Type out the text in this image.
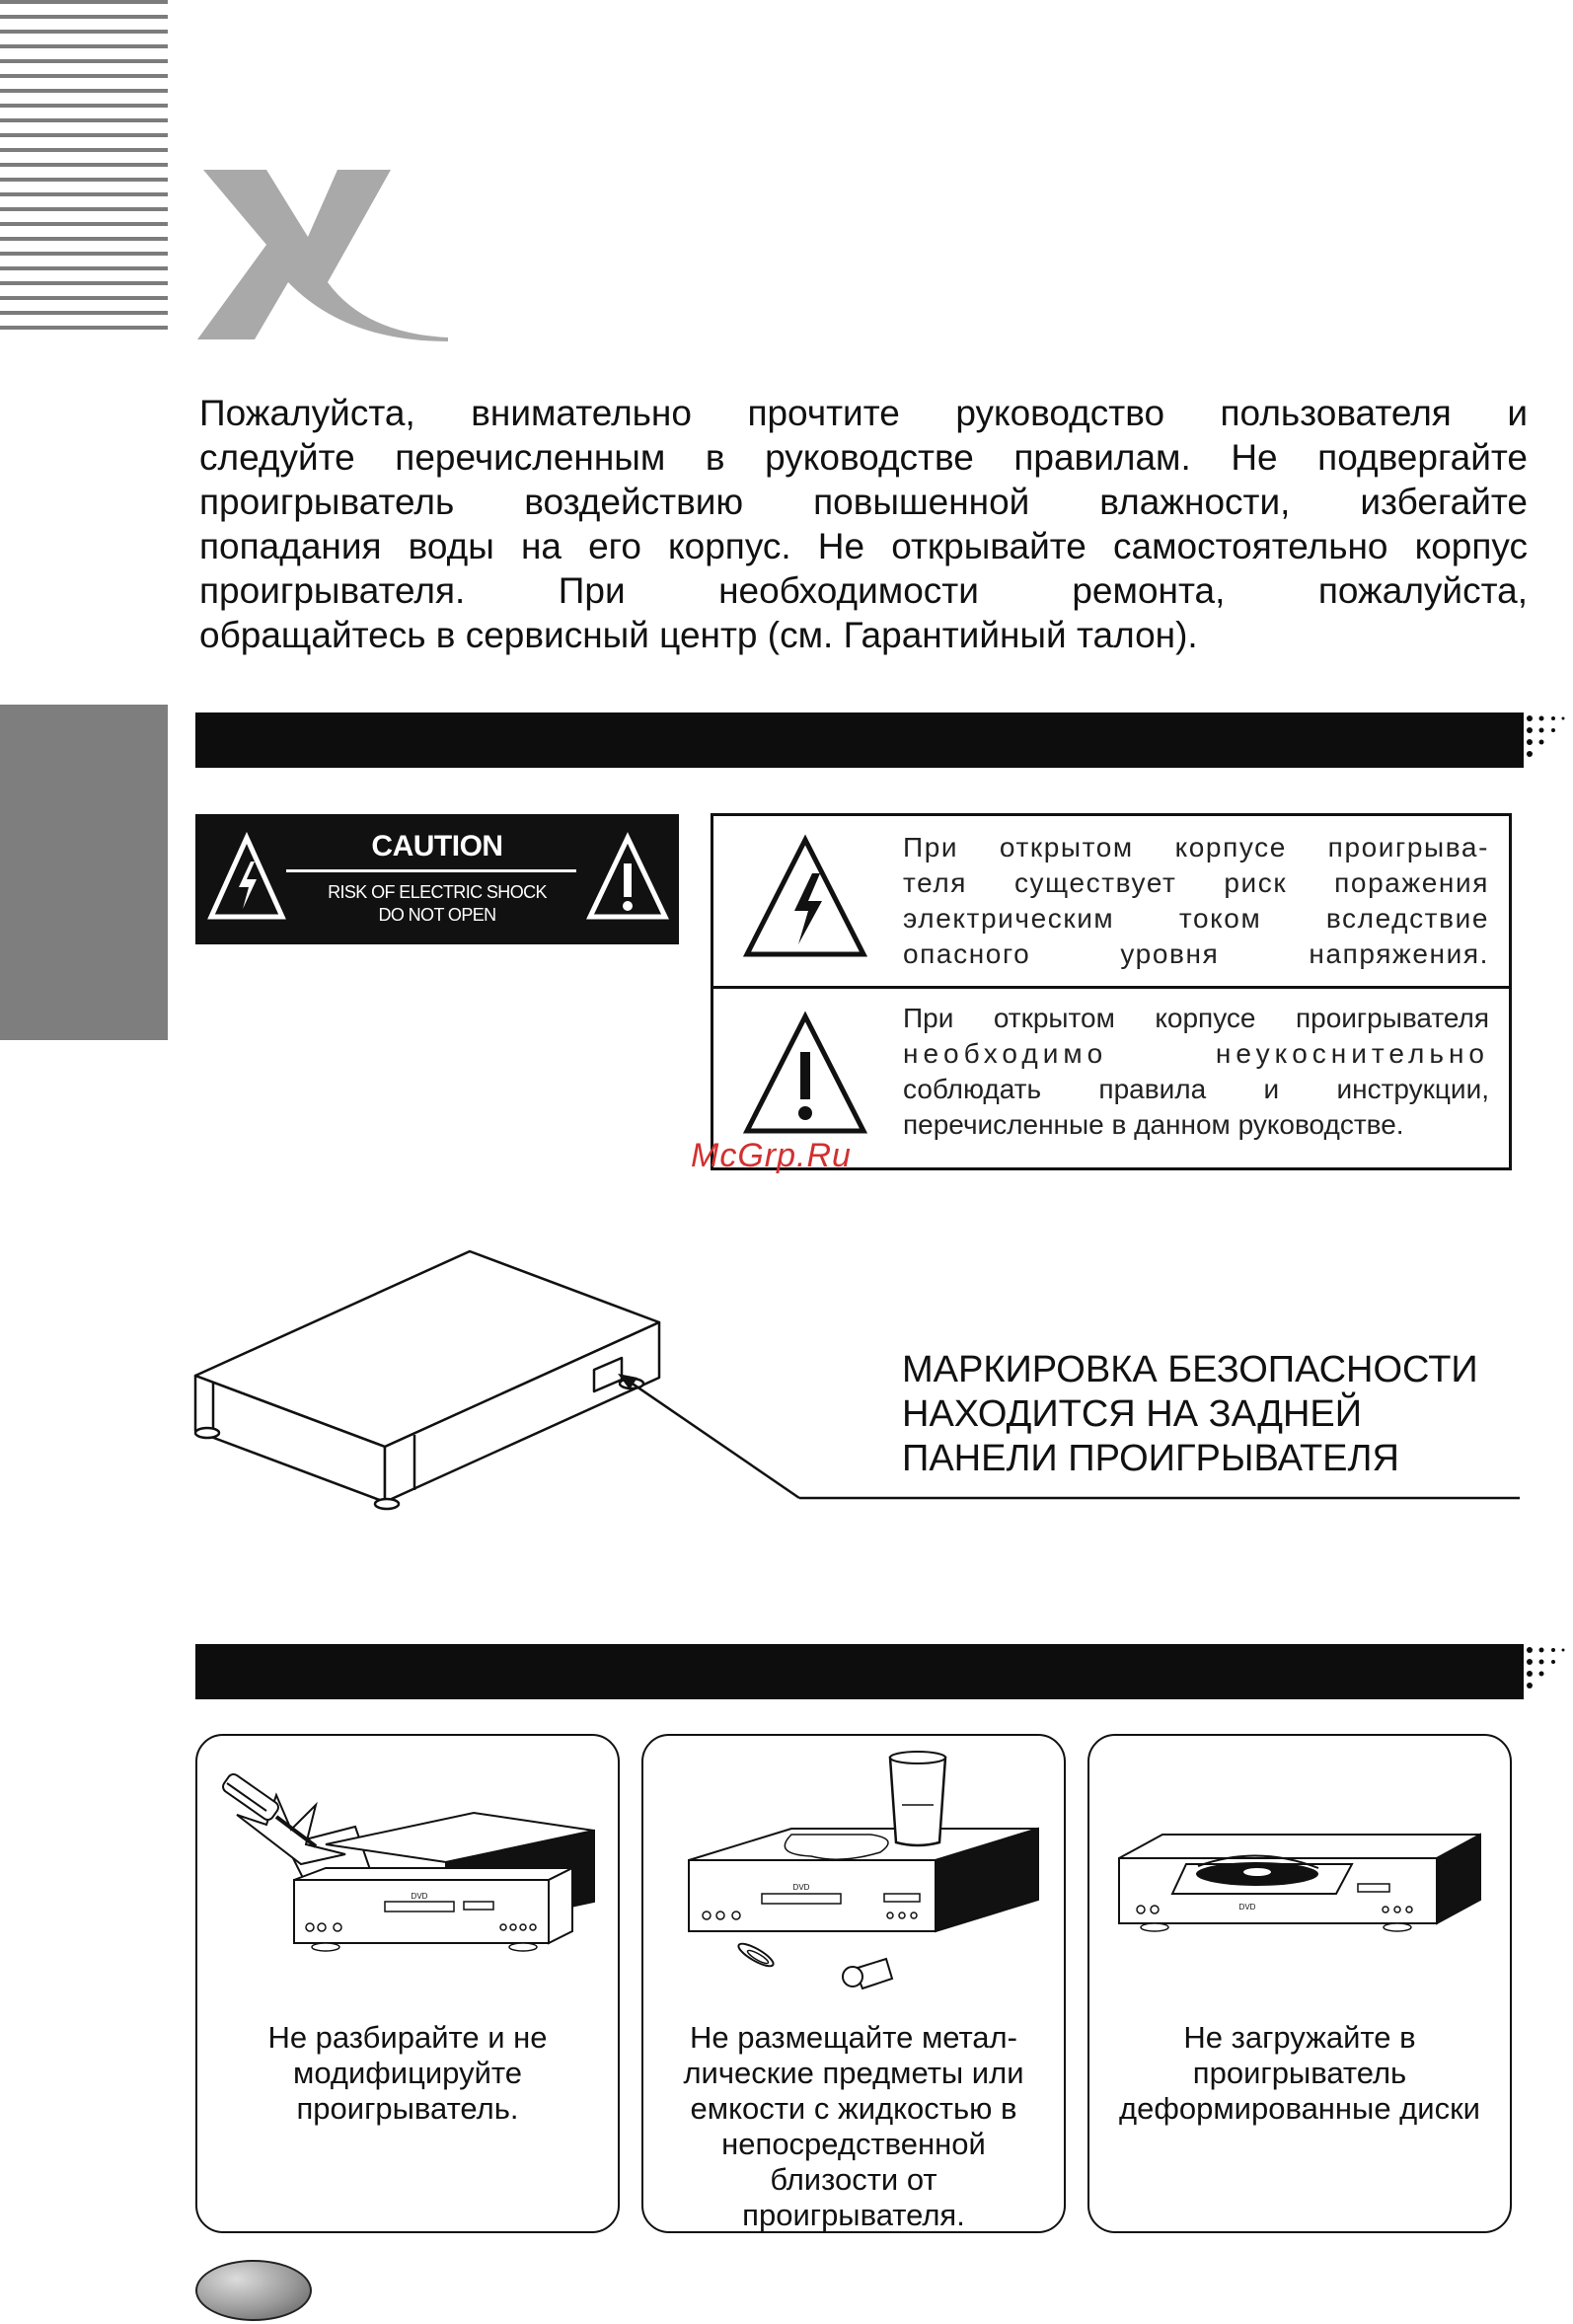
Пожалуйста, внимательно прочтите руководство пользователя и
следуйте перечисленным в руководстве правилам. Не подвергайте
проигрыватель воздействию повышенной влажности, избегайте
попадания воды на его корпус. Не открывайте самостоятельно корпус
проигрывателя. При необходимости ремонта, пожалуйста,
обращайтесь в сервисный центр (см. Гарантийный талон).
CAUTION
RISK OF ELECTRIC SHOCK
DO NOT OPEN
При открытом корпусе проигрыва-
теля существует риск поражения
электрическим током вследствие
опасного уровня напряжения.
При открытом корпусе проигрывателя
необходимо неукоснительно
соблюдать правила и инструкции,
перечисленные в данном руководстве.
McGrp.Ru
МАРКИРОВКА БЕЗОПАСНОСТИ
НАХОДИТСЯ НА ЗАДНЕЙ
ПАНЕЛИ ПРОИГРЫВАТЕЛЯ
DVD
Не разбирайте и не
модифицируйте
проигрыватель.
DVD
Не размещайте метал-
лические предметы или
емкости с жидкостью в
непосредственной
близости от
проигрывателя.
DVD
Не загружайте в
проигрыватель
деформированные диски
